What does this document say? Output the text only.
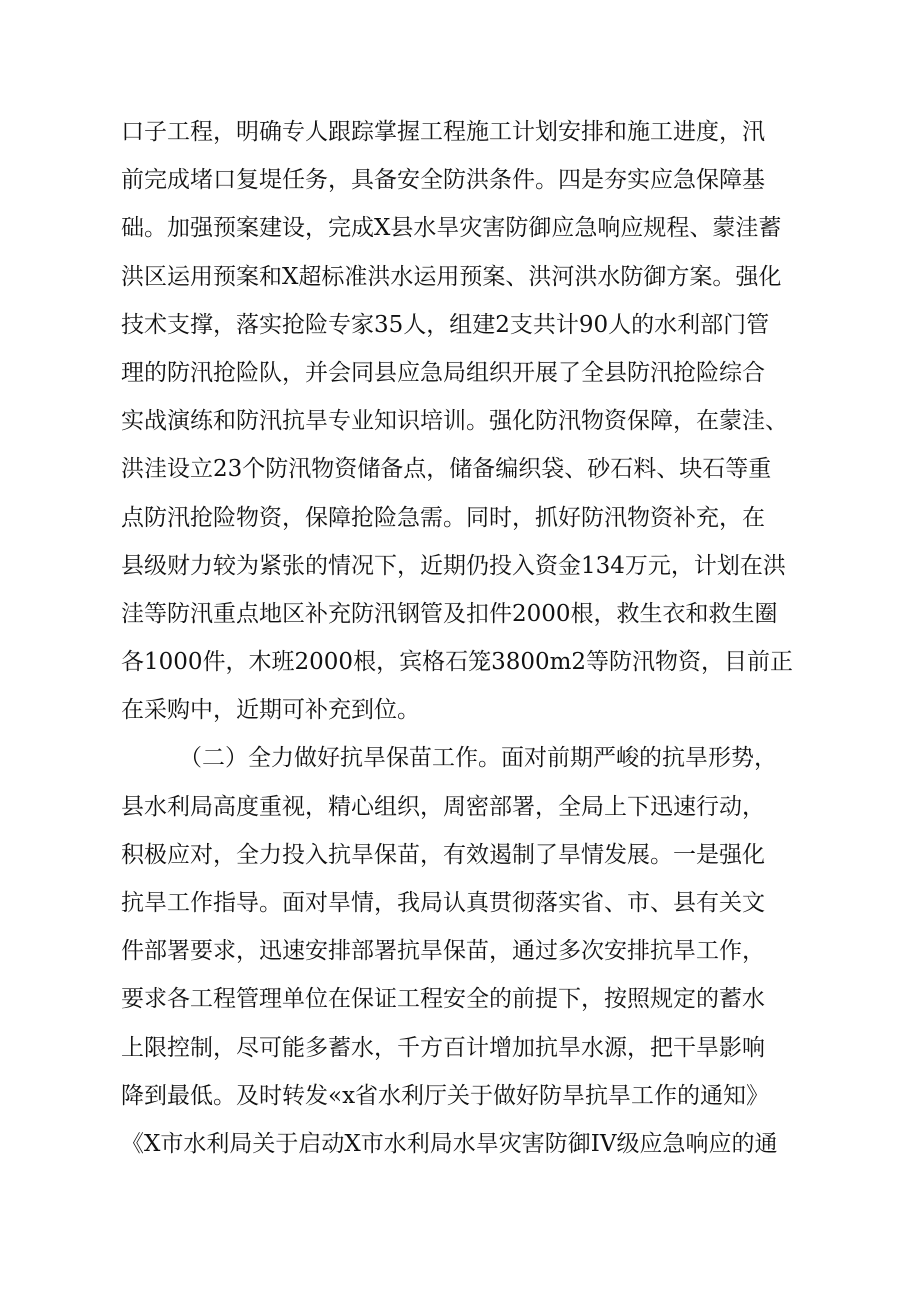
口子工程，明确专人跟踪掌握工程施工计划安排和施工进度，汛
前完成堵口复堤任务，具备安全防洪条件。四是夯实应急保障基
础。加强预案建设，完成X县水旱灾害防御应急响应规程、蒙洼蓄
洪区运用预案和X超标准洪水运用预案、洪河洪水防御方案。强化
技术支撑，落实抢险专家35人，组建2支共计90人的水利部门管
理的防汛抢险队，并会同县应急局组织开展了全县防汛抢险综合
实战演练和防汛抗旱专业知识培训。强化防汛物资保障，在蒙洼、
洪洼设立23个防汛物资储备点，储备编织袋、砂石料、块石等重
点防汛抢险物资，保障抢险急需。同时，抓好防汛物资补充，在
县级财力较为紧张的情况下，近期仍投入资金134万元，计划在洪
洼等防汛重点地区补充防汛钢管及扣件2000根，救生衣和救生圈
各1000件，木班2000根，宾格石笼3800m2等防汛物资，目前正
在采购中，近期可补充到位。
（二）全力做好抗旱保苗工作。面对前期严峻的抗旱形势，
县水利局高度重视，精心组织，周密部署，全局上下迅速行动，
积极应对，全力投入抗旱保苗，有效遏制了旱情发展。一是强化
抗旱工作指导。面对旱情，我局认真贯彻落实省、市、县有关文
件部署要求，迅速安排部署抗旱保苗，通过多次安排抗旱工作，
要求各工程管理单位在保证工程安全的前提下，按照规定的蓄水
上限控制，尽可能多蓄水，千方百计增加抗旱水源，把干旱影响
降到最低。及时转发«x省水利厅关于做好防旱抗旱工作的通知》
《X市水利局关于启动X市水利局水旱灾害防御IV级应急响应的通
